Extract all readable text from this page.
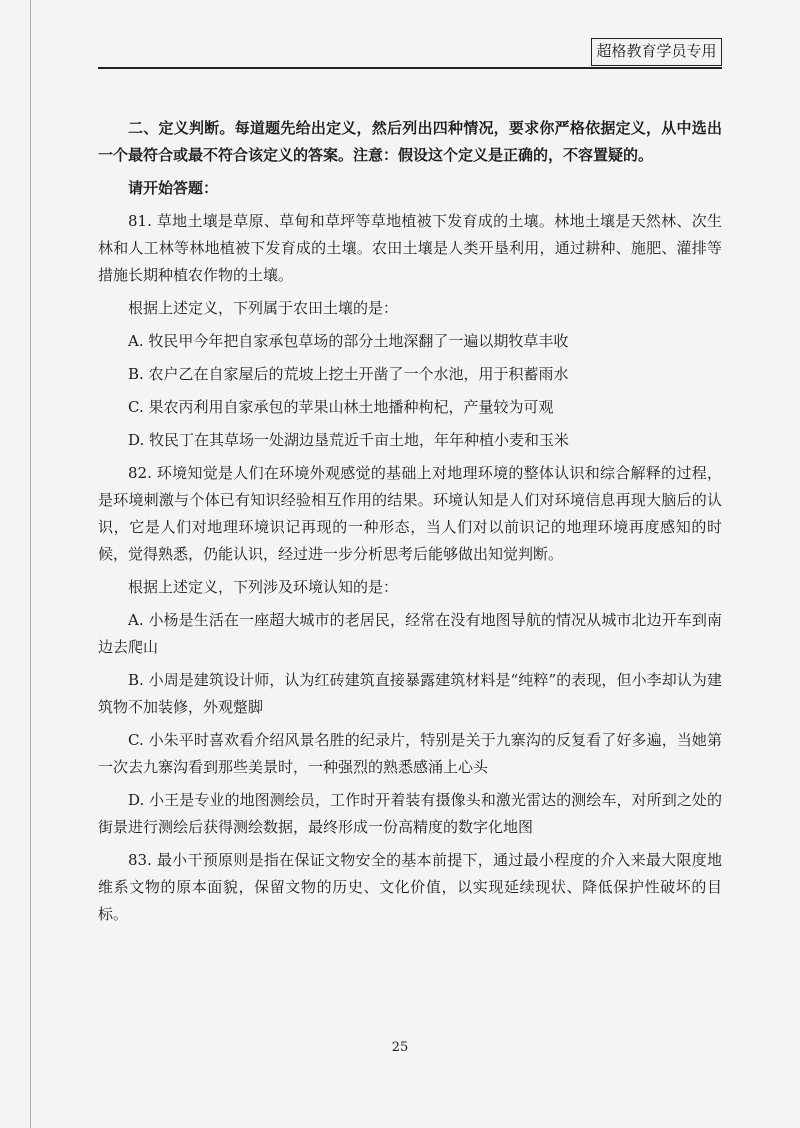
超格教育学员专用

二、定义判断。每道题先给出定义，然后列出四种情况，要求你严格依据定义，从中选出一个最符合或最不符合该定义的答案。注意：假设这个定义是正确的，不容置疑的。

请开始答题：

81. 草地土壤是草原、草甸和草坪等草地植被下发育成的土壤。林地土壤是天然林、次生林和人工林等林地植被下发育成的土壤。农田土壤是人类开垦利用，通过耕种、施肥、灌排等措施长期种植农作物的土壤。

根据上述定义，下列属于农田土壤的是：

A. 牧民甲今年把自家承包草场的部分土地深翻了一遍以期牧草丰收

B. 农户乙在自家屋后的荒坡上挖土开凿了一个水池，用于积蓄雨水

C. 果农丙利用自家承包的苹果山林土地播种枸杞，产量较为可观

D. 牧民丁在其草场一处湖边垦荒近千亩土地，年年种植小麦和玉米

82. 环境知觉是人们在环境外观感觉的基础上对地理环境的整体认识和综合解释的过程，是环境刺激与个体已有知识经验相互作用的结果。环境认知是人们对环境信息再现大脑后的认识，它是人们对地理环境识记再现的一种形态，当人们对以前识记的地理环境再度感知的时候，觉得熟悉，仍能认识，经过进一步分析思考后能够做出知觉判断。

根据上述定义，下列涉及环境认知的是：

A. 小杨是生活在一座超大城市的老居民，经常在没有地图导航的情况从城市北边开车到南边去爬山

B. 小周是建筑设计师，认为红砖建筑直接暴露建筑材料是“纯粹”的表现，但小李却认为建筑物不加装修，外观蹩脚

C. 小朱平时喜欢看介绍风景名胜的纪录片，特别是关于九寨沟的反复看了好多遍，当她第一次去九寨沟看到那些美景时，一种强烈的熟悉感涌上心头

D. 小王是专业的地图测绘员，工作时开着装有摄像头和激光雷达的测绘车，对所到之处的街景进行测绘后获得测绘数据，最终形成一份高精度的数字化地图

83. 最小干预原则是指在保证文物安全的基本前提下，通过最小程度的介入来最大限度地维系文物的原本面貌，保留文物的历史、文化价值，以实现延续现状、降低保护性破坏的目标。

25
